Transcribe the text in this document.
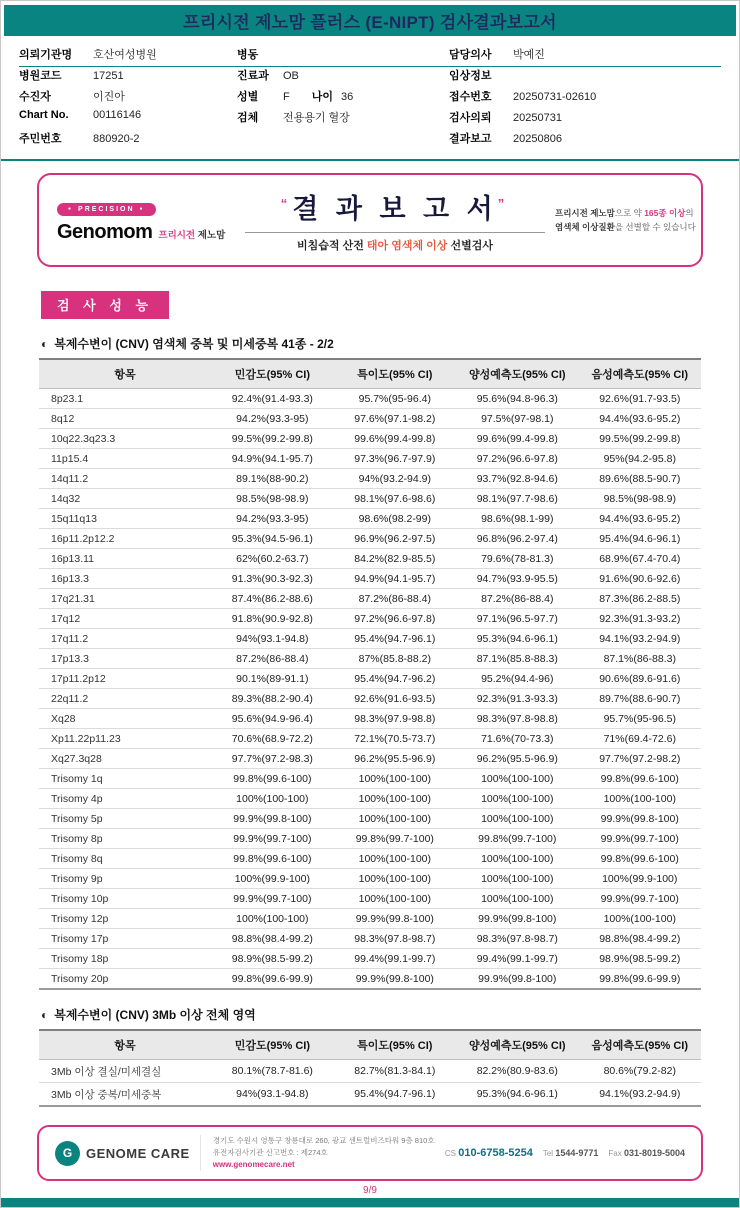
프리시전 제노맘 플러스 (E-NIPT) 검사결과보고서
의뢰기관명	호산여성병원
병원코드	17251
수진자	이진아
Chart No.	00116146
주민번호	880920-2
병동
진료과	OB
성별	F 나이 36
검체	전용용기 혈장
담당의사	박예진
임상정보
접수번호	20250731-02610
검사의뢰	20250731
결과보고	20250806
● PRECISION ●
Genomom 프리시전 제노맘
“결 과 보 고 서”
비침습적 산전 태아 염색체 이상 선별검사
프리시전 제노맘으로 약 165종 이상의
염색체 이상질환을 선별할 수 있습니다
검 사 성 능
◐ 복제수변이 (CNV) 염색체 중복 및 미세중복 41종 - 2/2
항목	민감도(95% CI)	특이도(95% CI)	양성예측도(95% CI)	음성예측도(95% CI)
8p23.1	92.4%(91.4-93.3)	95.7%(95-96.4)	95.6%(94.8-96.3)	92.6%(91.7-93.5)
8q12	94.2%(93.3-95)	97.6%(97.1-98.2)	97.5%(97-98.1)	94.4%(93.6-95.2)
10q22.3q23.3	99.5%(99.2-99.8)	99.6%(99.4-99.8)	99.6%(99.4-99.8)	99.5%(99.2-99.8)
11p15.4	94.9%(94.1-95.7)	97.3%(96.7-97.9)	97.2%(96.6-97.8)	95%(94.2-95.8)
14q11.2	89.1%(88-90.2)	94%(93.2-94.9)	93.7%(92.8-94.6)	89.6%(88.5-90.7)
14q32	98.5%(98-98.9)	98.1%(97.6-98.6)	98.1%(97.7-98.6)	98.5%(98-98.9)
15q11q13	94.2%(93.3-95)	98.6%(98.2-99)	98.6%(98.1-99)	94.4%(93.6-95.2)
16p11.2p12.2	95.3%(94.5-96.1)	96.9%(96.2-97.5)	96.8%(96.2-97.4)	95.4%(94.6-96.1)
16p13.11	62%(60.2-63.7)	84.2%(82.9-85.5)	79.6%(78-81.3)	68.9%(67.4-70.4)
16p13.3	91.3%(90.3-92.3)	94.9%(94.1-95.7)	94.7%(93.9-95.5)	91.6%(90.6-92.6)
17q21.31	87.4%(86.2-88.6)	87.2%(86-88.4)	87.2%(86-88.4)	87.3%(86.2-88.5)
17q12	91.8%(90.9-92.8)	97.2%(96.6-97.8)	97.1%(96.5-97.7)	92.3%(91.3-93.2)
17q11.2	94%(93.1-94.8)	95.4%(94.7-96.1)	95.3%(94.6-96.1)	94.1%(93.2-94.9)
17p13.3	87.2%(86-88.4)	87%(85.8-88.2)	87.1%(85.8-88.3)	87.1%(86-88.3)
17p11.2p12	90.1%(89-91.1)	95.4%(94.7-96.2)	95.2%(94.4-96)	90.6%(89.6-91.6)
22q11.2	89.3%(88.2-90.4)	92.6%(91.6-93.5)	92.3%(91.3-93.3)	89.7%(88.6-90.7)
Xq28	95.6%(94.9-96.4)	98.3%(97.9-98.8)	98.3%(97.8-98.8)	95.7%(95-96.5)
Xp11.22p11.23	70.6%(68.9-72.2)	72.1%(70.5-73.7)	71.6%(70-73.3)	71%(69.4-72.6)
Xq27.3q28	97.7%(97.2-98.3)	96.2%(95.5-96.9)	96.2%(95.5-96.9)	97.7%(97.2-98.2)
Trisomy 1q	99.8%(99.6-100)	100%(100-100)	100%(100-100)	99.8%(99.6-100)
Trisomy 4p	100%(100-100)	100%(100-100)	100%(100-100)	100%(100-100)
Trisomy 5p	99.9%(99.8-100)	100%(100-100)	100%(100-100)	99.9%(99.8-100)
Trisomy 8p	99.9%(99.7-100)	99.8%(99.7-100)	99.8%(99.7-100)	99.9%(99.7-100)
Trisomy 8q	99.8%(99.6-100)	100%(100-100)	100%(100-100)	99.8%(99.6-100)
Trisomy 9p	100%(99.9-100)	100%(100-100)	100%(100-100)	100%(99.9-100)
Trisomy 10p	99.9%(99.7-100)	100%(100-100)	100%(100-100)	99.9%(99.7-100)
Trisomy 12p	100%(100-100)	99.9%(99.8-100)	99.9%(99.8-100)	100%(100-100)
Trisomy 17p	98.8%(98.4-99.2)	98.3%(97.8-98.7)	98.3%(97.8-98.7)	98.8%(98.4-99.2)
Trisomy 18p	98.9%(98.5-99.2)	99.4%(99.1-99.7)	99.4%(99.1-99.7)	98.9%(98.5-99.2)
Trisomy 20p	99.8%(99.6-99.9)	99.9%(99.8-100)	99.9%(99.8-100)	99.8%(99.6-99.9)
◐ 복제수변이 (CNV) 3Mb 이상 전체 영역
항목	민감도(95% CI)	특이도(95% CI)	양성예측도(95% CI)	음성예측도(95% CI)
3Mb 이상 결실/미세결실	80.1%(78.7-81.6)	82.7%(81.3-84.1)	82.2%(80.9-83.6)	80.6%(79.2-82)
3Mb 이상 중복/미세중복	94%(93.1-94.8)	95.4%(94.7-96.1)	95.3%(94.6-96.1)	94.1%(93.2-94.9)
G	GENOME CARE
경기도 수원시 영통구 창룡대로 260, 광교 센트럴비즈타워 9층 810호
유전자검사기관 신고번호 : 제274호
www.genomecare.net
CS 010-6758-5254 Tel 1544-9771 Fax 031-8019-5004
9/9
